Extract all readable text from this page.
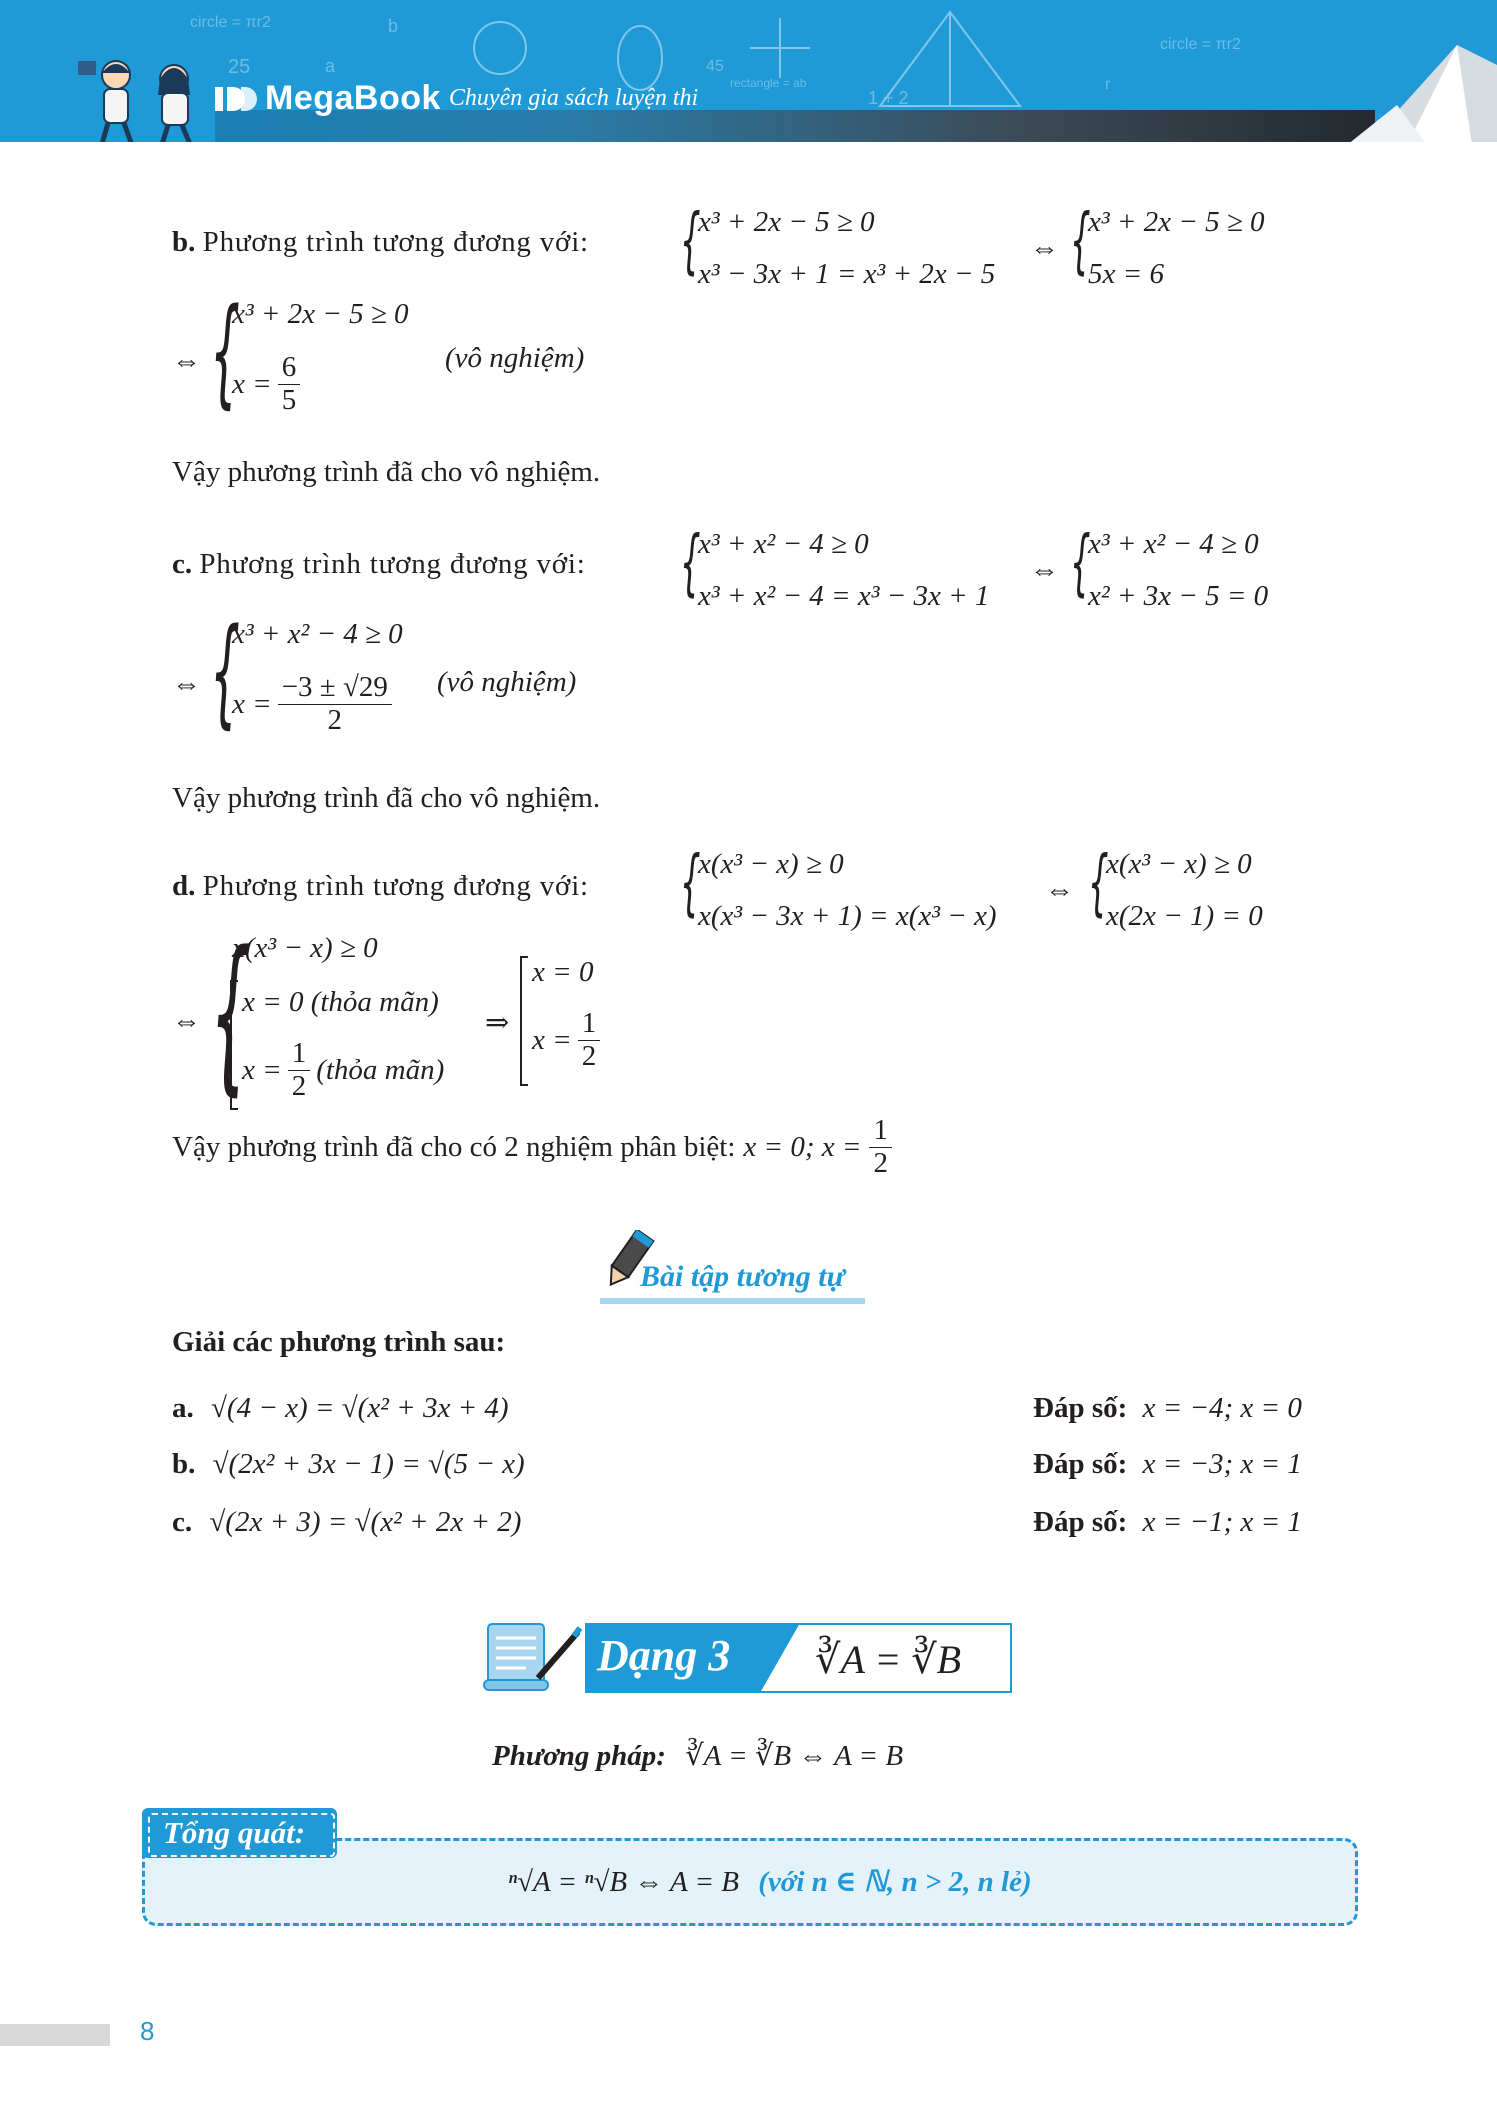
circle = πr2
circle = πr2
rectangle = ab
25	a
b
45
1 + 2
r
MegaBook Chuyên gia sách luyện thi
b. Phương trình tương đương với: {
x³ + 2x − 5 ≥ 0
x³ − 3x + 1 = x³ + 2x − 5
⇔ {
x³ + 2x − 5 ≥ 0
5x = 6
⇔ {
x³ + 2x − 5 ≥ 0
$x = \frac{6}{5}$	(vô nghiệm)
Vậy phương trình đã cho vô nghiệm.
c. Phương trình tương đương với: {
x³ + x² − 4 ≥ 0
x³ + x² − 4 = x³ − 3x + 1
⇔ {
x³ + x² − 4 ≥ 0
x² + 3x − 5 = 0
⇔ {
x³ + x² − 4 ≥ 0
$x = \frac{-3 \pm √29}{2}$ (vô nghiệm)
Vậy phương trình đã cho vô nghiệm.
d. Phương trình tương đương với: {
x(x³ − x) ≥ 0
x(x³ − 3x + 1) = x(x³ − x)
⇔ {
x(x³ − x) ≥ 0
x(2x − 1) = 0
⇔ {
x(x³ − x) ≥ 0
x = 0 (thỏa mãn)
$x = \frac{1}{2}$ (thỏa mãn)
⇒
x = 0
$x = \frac{1}{2}$
Vậy phương trình đã cho có 2 nghiệm phân biệt: x = 0; $x = \frac{1}{2}$
Bài tập tương tự
Giải các phương trình sau:
a. √(4 − x) = √(x² + 3x + 4)	Đáp số: x = −4; x = 0
b. √(2x² + 3x − 1) = √(5 − x)	Đáp số: x = −3; x = 1
c. √(2x + 3) = √(x² + 2x + 2)	Đáp số: x = −1; x = 1
Dạng 3 ∛A = ∛B
Phương pháp: ∛A = ∛B ⇔ A = B
Tổng quát:
ⁿ√A = ⁿ√B ⇔ A = B (với n ∈ ℕ, n > 2, n lẻ)
8
